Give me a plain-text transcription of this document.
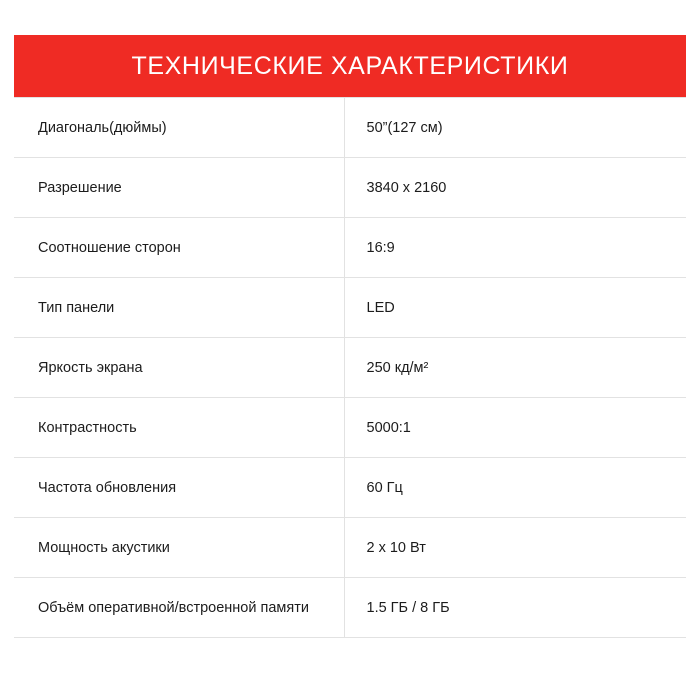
ТЕХНИЧЕСКИЕ ХАРАКТЕРИСТИКИ
Диагональ(дюймы)	50”(127 см)
Разрешение	3840 х 2160
Соотношение сторон	16:9
Тип панели	LED
Яркость экрана	250 кд/м²
Контрастность	5000:1
Частота обновления	60 Гц
Мощность акустики	2 х 10 Вт
Объём оперативной/встроенной памяти	1.5 ГБ / 8 ГБ
